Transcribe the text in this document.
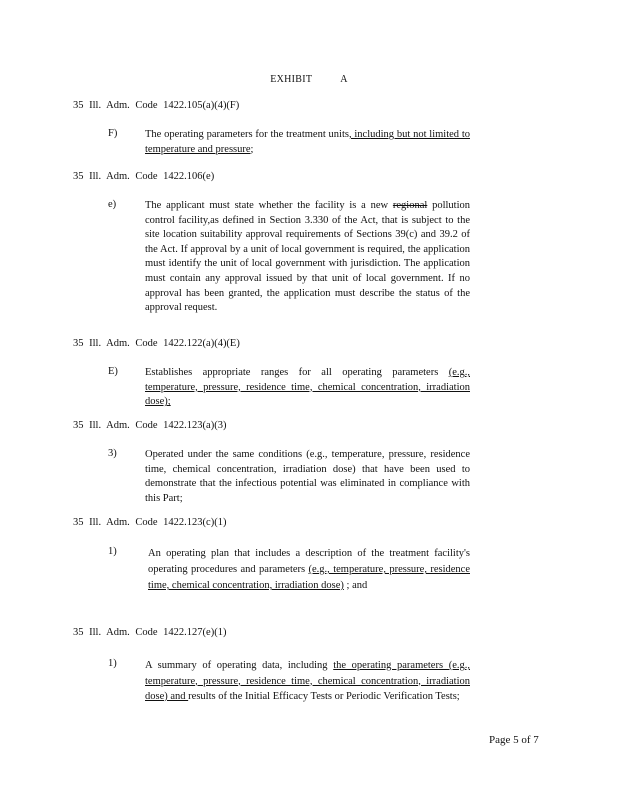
EXHIBIT	A
35 Ill. Adm. Code 1422.105(a)(4)(F)
F)	The operating parameters for the treatment units, including but not limited to temperature and pressure;
35 Ill. Adm. Code 1422.106(e)
e)	The applicant must state whether the facility is a new regional pollution control facility,as defined in Section 3.330 of the Act, that is subject to the site location suitability approval requirements of Sections 39(c) and 39.2 of the Act. If approval by a unit of local government is required, the application must identify the unit of local government with jurisdiction. The application must contain any approval issued by that unit of local government. If no approval has been granted, the application must describe the status of the approval request.
35 Ill. Adm. Code 1422.122(a)(4)(E)
E)	Establishes appropriate ranges for all operating parameters (e.g., temperature, pressure, residence time, chemical concentration, irradiation dose);
35 Ill. Adm. Code 1422.123(a)(3)
3)	Operated under the same conditions (e.g., temperature, pressure, residence time, chemical concentration, irradiation dose) that have been used to demonstrate that the infectious potential was eliminated in compliance with this Part;
35 Ill. Adm. Code 1422.123(c)(1)
1)	An operating plan that includes a description of the treatment facility's operating procedures and parameters (e.g., temperature, pressure, residence time, chemical concentration, irradiation dose) ; and
35 Ill. Adm. Code 1422.127(e)(1)
1)	A summary of operating data, including the operating parameters (e.g., temperature, pressure, residence time, chemical concentration, irradiation dose) and results of the Initial Efficacy Tests or Periodic Verification Tests;
Page 5 of 7
